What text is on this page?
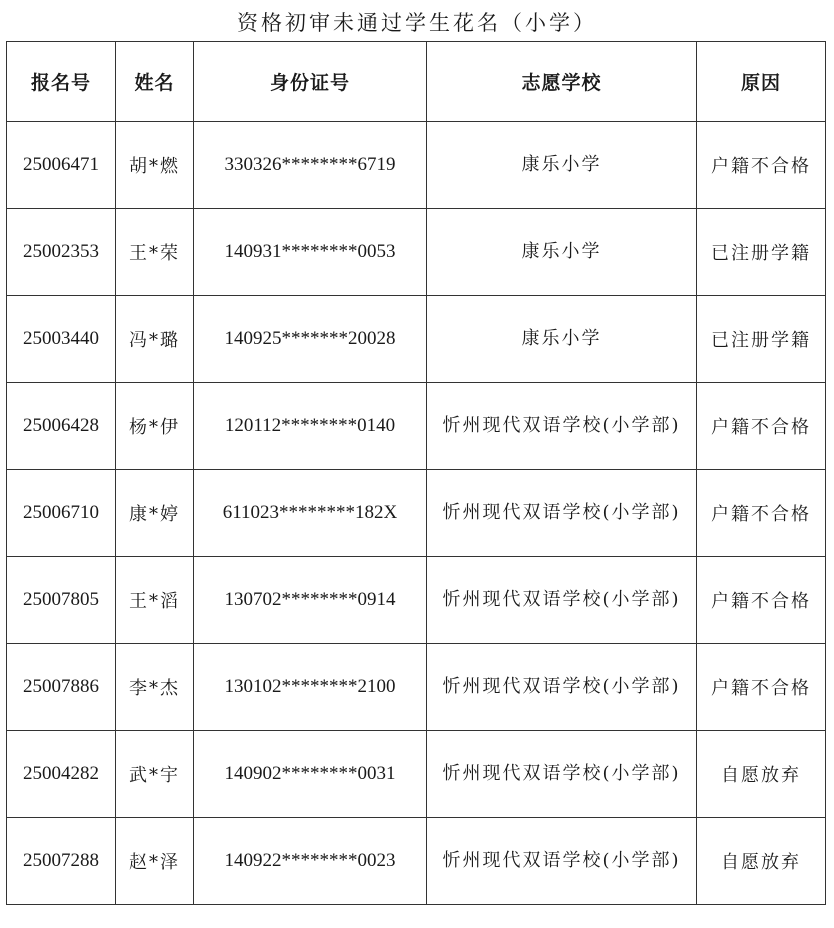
资格初审未通过学生花名（小学）
报名号	姓名	身份证号	志愿学校	原因
25006471	胡*燃	330326********6719	康乐小学	户籍不合格
25002353	王*荣	140931********0053	康乐小学	已注册学籍
25003440	冯*璐	140925*******20028	康乐小学	已注册学籍
25006428	杨*伊	120112********0140	忻州现代双语学校(小学部)	户籍不合格
25006710	康*婷	611023********182X	忻州现代双语学校(小学部)	户籍不合格
25007805	王*滔	130702********0914	忻州现代双语学校(小学部)	户籍不合格
25007886	李*杰	130102********2100	忻州现代双语学校(小学部)	户籍不合格
25004282	武*宇	140902********0031	忻州现代双语学校(小学部)	自愿放弃
25007288	赵*泽	140922********0023	忻州现代双语学校(小学部)	自愿放弃
